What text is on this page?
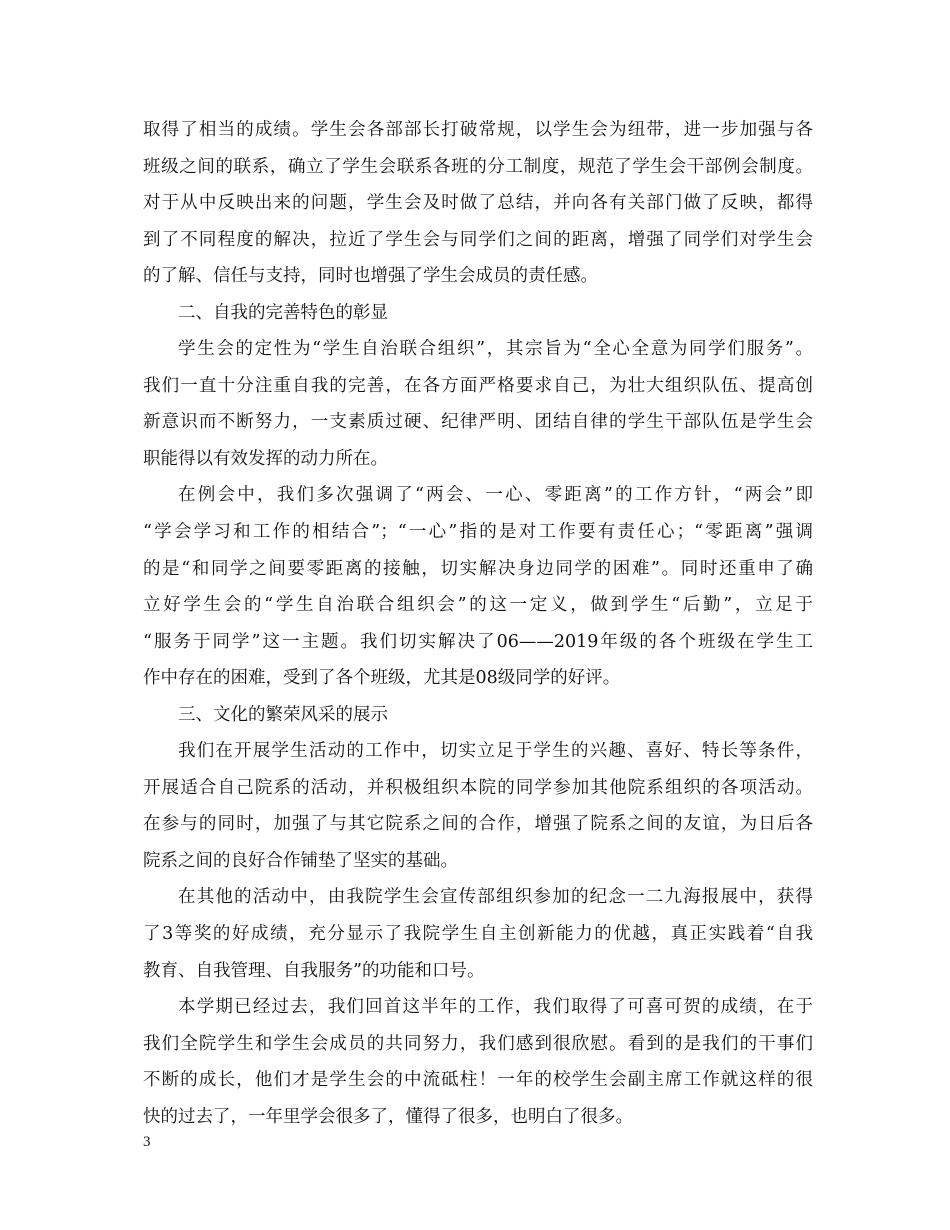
取得了相当的成绩。学生会各部部长打破常规，以学生会为纽带，进一步加强与各
班级之间的联系，确立了学生会联系各班的分工制度，规范了学生会干部例会制度。
对于从中反映出来的问题，学生会及时做了总结，并向各有关部门做了反映，都得
到了不同程度的解决，拉近了学生会与同学们之间的距离，增强了同学们对学生会
的了解、信任与支持，同时也增强了学生会成员的责任感。
二、自我的完善特色的彰显
学生会的定性为“学生自治联合组织”，其宗旨为“全心全意为同学们服务”。
我们一直十分注重自我的完善，在各方面严格要求自己，为壮大组织队伍、提高创
新意识而不断努力，一支素质过硬、纪律严明、团结自律的学生干部队伍是学生会
职能得以有效发挥的动力所在。
在例会中，我们多次强调了“两会、一心、零距离”的工作方针，“两会”即
“学会学习和工作的相结合”；“一心”指的是对工作要有责任心；“零距离”强调
的是“和同学之间要零距离的接触，切实解决身边同学的困难”。同时还重申了确
立好学生会的“学生自治联合组织会”的这一定义，做到学生“后勤”，立足于
“服务于同学”这一主题。我们切实解决了06——2019年级的各个班级在学生工
作中存在的困难，受到了各个班级，尤其是08级同学的好评。
三、文化的繁荣风采的展示
我们在开展学生活动的工作中，切实立足于学生的兴趣、喜好、特长等条件，
开展适合自己院系的活动，并积极组织本院的同学参加其他院系组织的各项活动。
在参与的同时，加强了与其它院系之间的合作，增强了院系之间的友谊，为日后各
院系之间的良好合作铺垫了坚实的基础。
在其他的活动中，由我院学生会宣传部组织参加的纪念一二九海报展中，获得
了3等奖的好成绩，充分显示了我院学生自主创新能力的优越，真正实践着“自我
教育、自我管理、自我服务”的功能和口号。
本学期已经过去，我们回首这半年的工作，我们取得了可喜可贺的成绩，在于
我们全院学生和学生会成员的共同努力，我们感到很欣慰。看到的是我们的干事们
不断的成长，他们才是学生会的中流砥柱！一年的校学生会副主席工作就这样的很
快的过去了，一年里学会很多了，懂得了很多，也明白了很多。
3
